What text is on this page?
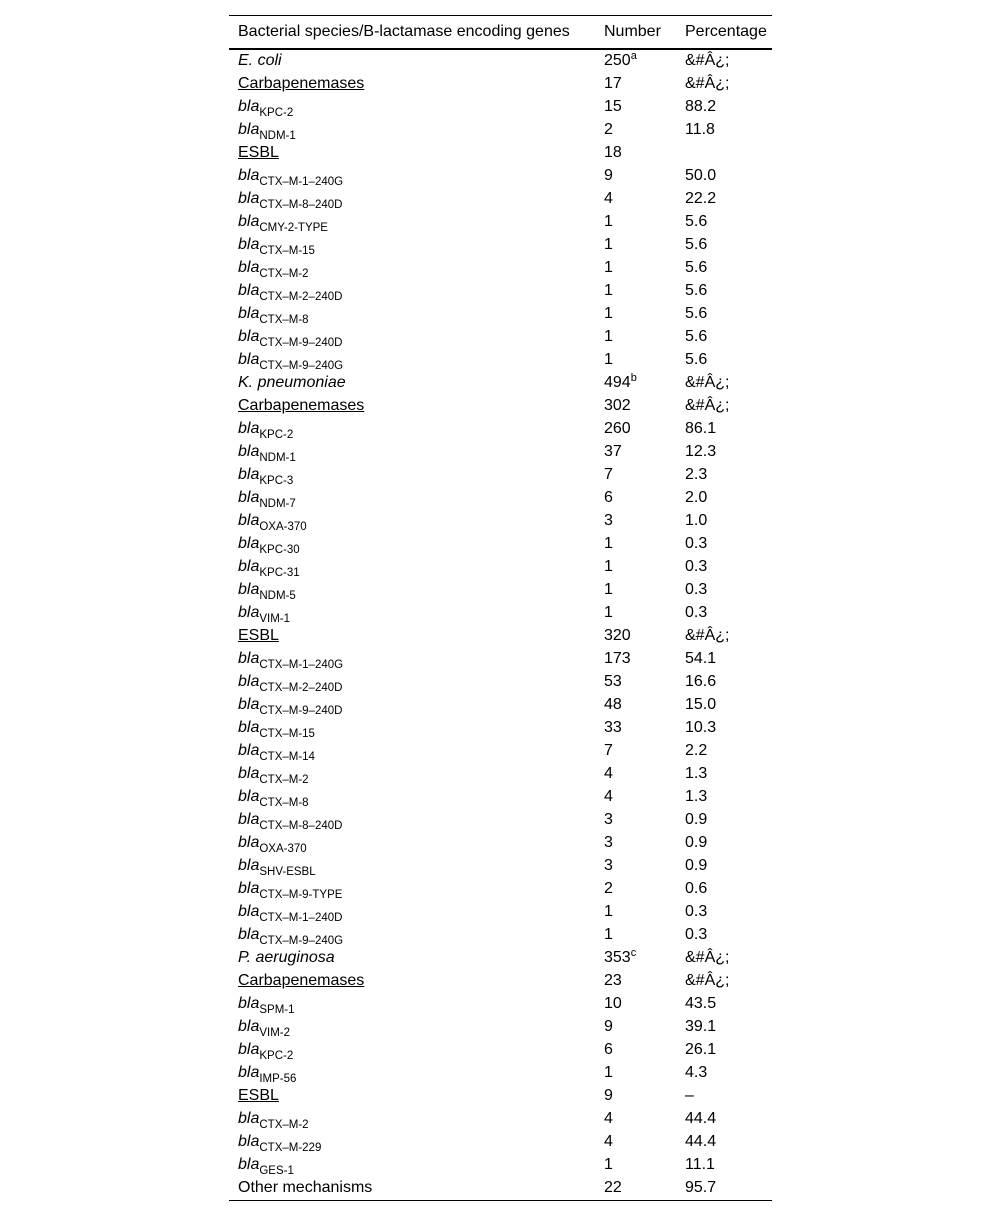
Bacterial species/B-lactamase encoding genes	Number	Percentage
E. coli	250$^a$	&#Â¿;
Carbapenemases	17	&#Â¿;
bla$_{KPC-2}$	15	88.2
bla$_{NDM-1}$	2	11.8
ESBL	18	
bla$_{CTX-M-1-240G}$	9	50.0
bla$_{CTX-M-8-240D}$	4	22.2
bla$_{CMY-2-TYPE}$	1	5.6
bla$_{CTX-M-15}$	1	5.6
bla$_{CTX-M-2}$	1	5.6
bla$_{CTX-M-2-240D}$	1	5.6
bla$_{CTX-M-8}$	1	5.6
bla$_{CTX-M-9-240D}$	1	5.6
bla$_{CTX-M-9-240G}$	1	5.6
K. pneumoniae	494$^b$	&#Â¿;
Carbapenemases	302	&#Â¿;
bla$_{KPC-2}$	260	86.1
bla$_{NDM-1}$	37	12.3
bla$_{KPC-3}$	7	2.3
bla$_{NDM-7}$	6	2.0
bla$_{OXA-370}$	3	1.0
bla$_{KPC-30}$	1	0.3
bla$_{KPC-31}$	1	0.3
bla$_{NDM-5}$	1	0.3
bla$_{VIM-1}$	1	0.3
ESBL	320	&#Â¿;
bla$_{CTX-M-1-240G}$	173	54.1
bla$_{CTX-M-2-240D}$	53	16.6
bla$_{CTX-M-9-240D}$	48	15.0
bla$_{CTX-M-15}$	33	10.3
bla$_{CTX-M-14}$	7	2.2
bla$_{CTX-M-2}$	4	1.3
bla$_{CTX-M-8}$	4	1.3
bla$_{CTX-M-8-240D}$	3	0.9
bla$_{OXA-370}$	3	0.9
bla$_{SHV-ESBL}$	3	0.9
bla$_{CTX-M-9-TYPE}$	2	0.6
bla$_{CTX-M-1-240D}$	1	0.3
bla$_{CTX-M-9-240G}$	1	0.3
P. aeruginosa	353$^c$	&#Â¿;
Carbapenemases	23	&#Â¿;
bla$_{SPM-1}$	10	43.5
bla$_{VIM-2}$	9	39.1
bla$_{KPC-2}$	6	26.1
bla$_{IMP-56}$	1	4.3
ESBL	9	–
bla$_{CTX-M-2}$	4	44.4
bla$_{CTX-M-229}$	4	44.4
bla$_{GES-1}$	1	11.1
Other mechanisms	22	95.7
